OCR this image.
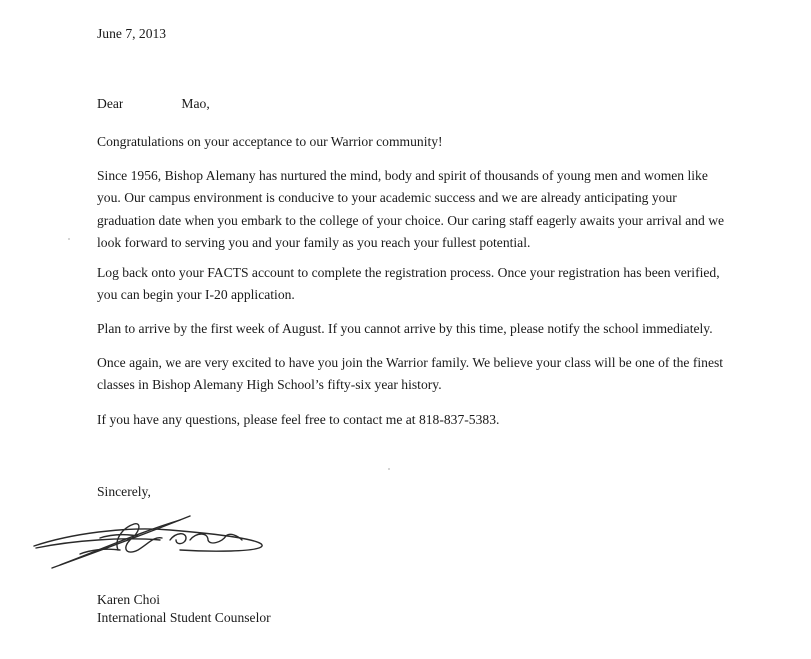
June 7, 2013
Dear	Mao,
Congratulations on your acceptance to our Warrior community!
Since 1956, Bishop Alemany has nurtured the mind, body and spirit of thousands of young men and women like
you. Our campus environment is conducive to your academic success and we are already anticipating your
graduation date when you embark to the college of your choice. Our caring staff eagerly awaits your arrival and we
look forward to serving you and your family as you reach your fullest potential.
Log back onto your FACTS account to complete the registration process. Once your registration has been verified,
you can begin your I-20 application.
Plan to arrive by the first week of August. If you cannot arrive by this time, please notify the school immediately.
Once again, we are very excited to have you join the Warrior family. We believe your class will be one of the finest
classes in Bishop Alemany High School’s fifty-six year history.
If you have any questions, please feel free to contact me at 818-837-5383.
Sincerely,
Karen Choi
International Student Counselor
